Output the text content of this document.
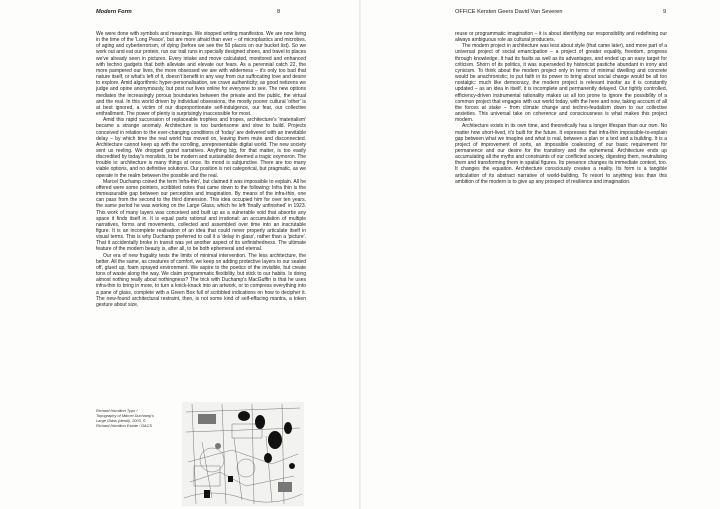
Modern Form	8

We were done with symbols and meanings. We stopped writing manifestos. We are now living in the time of the 'Long Peace', but are more afraid than ever – of microplastics and microbes, of aging and cyberterrorism, of dying (before we see the 50 places on our bucket list). So we work out and eat our protein, run our trail runs in specially designed shoes, and travel to places we've already seen in pictures. Every intake and move calculated, monitored and enhanced with techno gadgets that both alleviate and elevate our fears. As a perennial catch 22, the more pampered our lives, the more obsessed we are with wilderness – it's only too bad that nature itself, or what's left of it, doesn't benefit in any way from our suffocating love and desire to explore. Amid algorithmic hyper-personalisation, we crave authenticity; as good netizens we judge and opine anonymously, but post our lives online for everyone to see. The new options mediates the increasingly porous boundaries between the private and the public, the virtual and the real. In this world driven by individual obsessions, the mostly poorer cultural 'other' is at best ignored, a victim of our disproportionate self-indulgence, our fear, our collective enthrallment. The power of plenty is surprisingly inaccessible for most.

Amid this rapid succession of replaceable trophies and tropes, architecture's 'materialism' became a strange anomaly. Architecture is too burdensome and slow to build. Projects conceived in relation to the ever-changing conditions of 'today' are delivered with an inevitable delay – by which time the real world has moved on, leaving them mute and disconnected. Architecture cannot keep up with the scrolling, unrepresentable digital world. The new society sent us reeling. We dropped grand narratives. Anything big, for that matter, is too easily discredited by today's moralists, to be modern and sustainable deemed a tragic oxymoron. The trouble is: architecture is many things at once. Its mood is subjunctive. There are too many viable options, and no definitive solutions. Our position is not categorical, but pragmatic, as we operate in the realm between the possible and the real.

Marcel Duchamp coined the term 'infra-thin', but claimed it was impossible to explain. All he offered were some pointers, scribbled notes that came down to the following: Infra thin is the immeasurable gap between our perception and imagination. By means of the infra-thin, one can pass from the second to the third dimension. This idea occupied him for over ten years, the same period he was working on the Large Glass, which he left 'finally unfinished' in 1923. This work of many layers was conceived and built up as a vulnerable void that absorbs any space it finds itself in. It is equal parts rational and irrational: an accumulation of multiple narratives, forms and movements, collected and assembled over time into an inscrutable figure. It is an incomplete realisation of an idea that could never properly articulate itself in visual terms. This is why Duchamp preferred to call it a 'delay in glass', rather than a 'picture'. That it accidentally broke in transit was yet another aspect of its unfinishedness. The ultimate feature of the modern beauty is, after all, to be both ephemeral and eternal.

Our era of new frugality tests the limits of minimal intervention. The less architecture, the better. All the same, as creatures of comfort, we keep on adding protective layers to our sealed off, glued up, foam sprayed environment. We aspire to the poetics of the invisible, but create tons of waste along the way. We claim programmatic flexibility, but stick to our habits. Is doing almost nothing really about nothingness? The trick with Duchamp's MacGuffin is that he uses infra-thin to bring in more, to turn a knick-knack into an artwork, or to compress everything into a pane of glass, complete with a Green Box full of scribbled indications on how to decipher it. The new-found architectural restraint, then, is not some kind of self-effacing mantra, a token gesture about size,

Richard Hamilton Typo / Topography of Marcel Duchamp's Large Glass (detail), 2003. © Richard Hamilton Estate / DACS
OFFICE Kersten Geers David Van Severen	9

reuse or programmatic imagination – it is about identifying our responsibility and redefining our always ambiguous role as cultural producers.

The modern project in architecture was less about style (that came later), and more part of a universal project of social emancipation – a project of greater equality, freedom, progress through knowledge. It had its faults as well as its advantages, and ended up an easy target for criticism. Shorn of its politics, it was superseded by historicist pastiche abundant in irony and cynicism. To think about the modern project only in terms of minimal dwelling and concrete would be anachronistic; to put faith in its power to bring about social change would be all too nostalgic: much like democracy, the modern project is relevant insofar as it is constantly updated – as an idea in itself, it is incomplete and permanently delayed. Our tightly controlled, efficiency-driven instrumental rationality makes us all too prone to ignore the possibility of a common project that engages with our world today, with the here and now, taking account of all the forces at stake – from climate change and techno-feudalism down to our collective anxieties. This universal take on coherence and consciousness is what makes this project modern.

Architecture exists in its own time, and theoretically has a longer lifespan than our own. No matter how short-lived, it's built for the future. It expresses that infra-thin impossible-to-explain gap between what we imagine and what is real, between a plan or a text and a building. It is a project of improvement of sorts, an impossible coalescing of our basic requirement for permanence and our desire for the transitory and the ephemeral. Architecture ends up accumulating all the myths and constraints of our conflicted society, digesting them, neutralising them and transforming them in spatial figures. Its presence changes its immediate context, too. It changes the equation. Architecture consciously creates a reality. Its form is a tangible articulation of its abstract narrative of world-building. To resort to anything less than this ambition of the modern is to give up any prospect of resilience and imagination.
